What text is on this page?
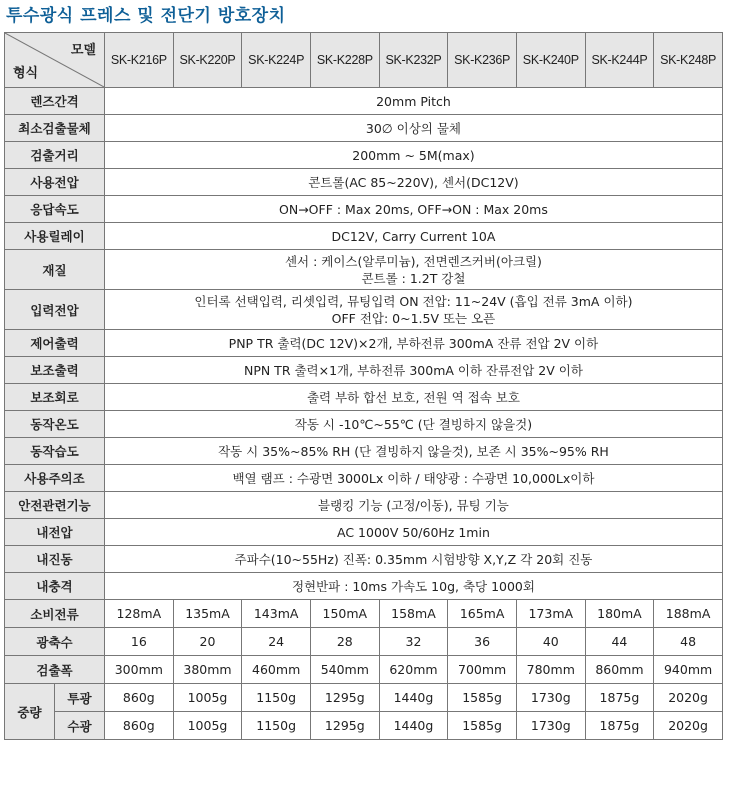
투수광식 프레스 및 전단기 방호장치
모델
형식		SK-K216P	SK-K220P	SK-K224P	SK-K228P	SK-K232P	SK-K236P	SK-K240P	SK-K244P	SK-K248P
렌즈간격		20mm Pitch								

최소검출물체		30∅ 이상의 물체								

검출거리		200mm ~ 5M(max)								

사용전압		콘트롤(AC 85~220V), 센서(DC12V)								

응답속도		ON→OFF : Max 20ms, OFF→ON : Max 20ms								

사용릴레이		DC12V, Carry Current 10A								

재질		센서 : 케이스(알루미늄), 전면렌즈커버(아크릴)
콘트롤 : 1.2T 강철								

입력전압		인터록 선택입력, 리셋입력, 뮤팅입력 ON 전압: 11~24V (흡입 전류 3mA 이하)
OFF 전압: 0~1.5V 또는 오픈								

제어출력		PNP TR 출력(DC 12V)×2개, 부하전류 300mA 잔류 전압 2V 이하								

보조출력		NPN TR 출력×1개, 부하전류 300mA 이하 잔류전압 2V 이하								

보조회로		출력 부하 합선 보호, 전원 역 접속 보호								

동작온도		작동 시 -10℃~55℃ (단 결빙하지 않을것)								

동작습도		작동 시 35%~85% RH (단 결빙하지 않을것), 보존 시 35%~95% RH								

사용주의조		백열 램프 : 수광면 3000Lx 이하 / 태양광 : 수광면 10,000Lx이하								

안전관련기능		블랭킹 기능 (고정/이동), 뮤팅 기능								

내전압		AC 1000V 50/60Hz 1min								

내진동		주파수(10~55Hz) 진폭: 0.35mm 시험방향 X,Y,Z 각 20회 진동								

내충격		정현반파 : 10ms 가속도 10g, 축당 1000회								

소비전류		128mA	135mA	143mA	150mA	158mA	165mA	173mA	180mA	188mA
광축수		16	20	24	28	32	36	40	44	48
검출폭		300mm	380mm	460mm	540mm	620mm	700mm	780mm	860mm	940mm
중량	투광	860g	1005g	1150g	1295g	1440g	1585g	1730g	1875g	2020g
	수광	860g	1005g	1150g	1295g	1440g	1585g	1730g	1875g	2020g
